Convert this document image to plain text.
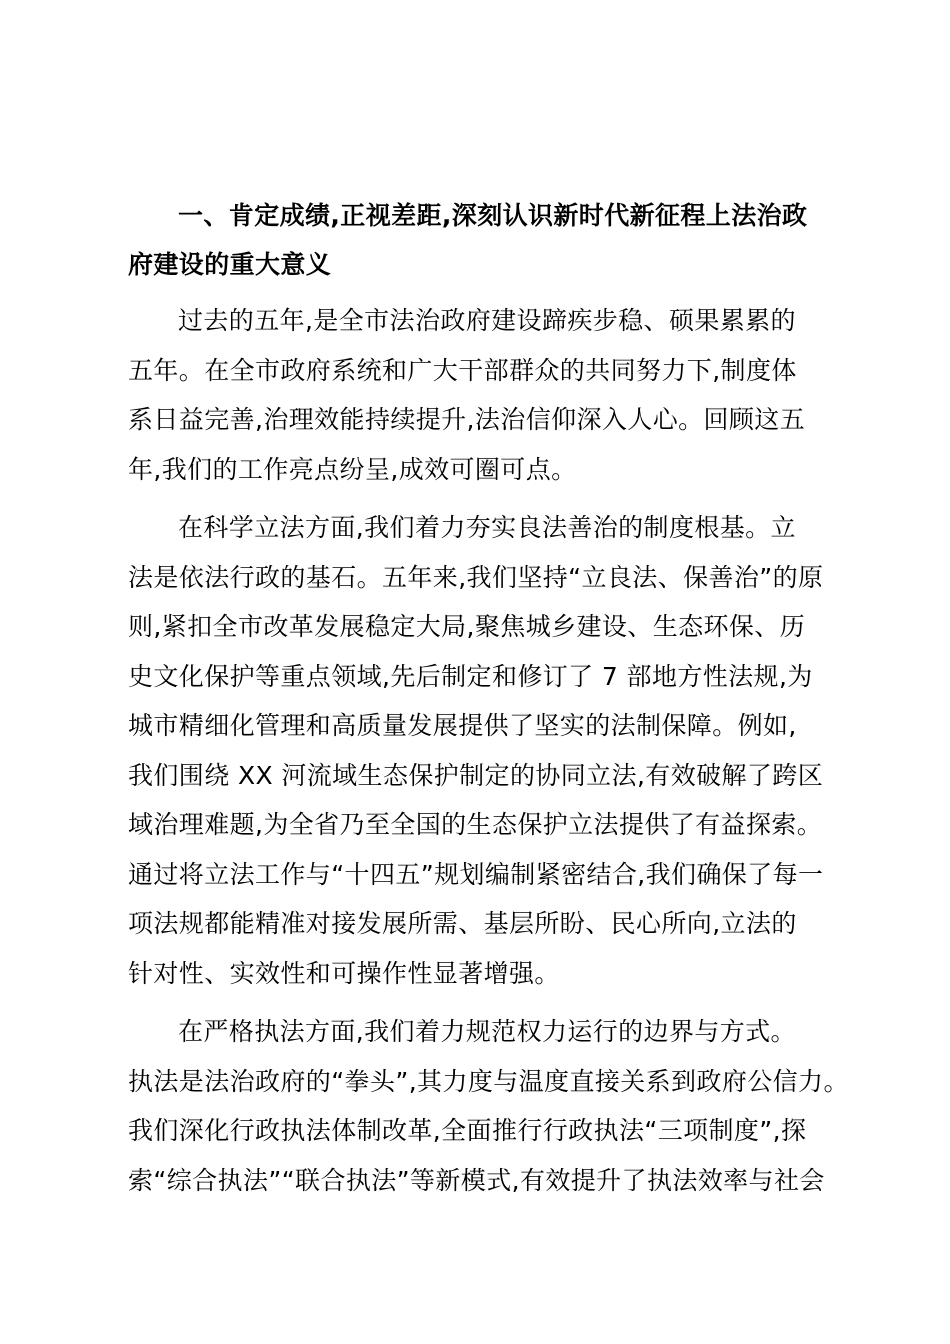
一、肯定成绩,正视差距,深刻认识新时代新征程上法治政
府建设的重大意义
过去的五年,是全市法治政府建设蹄疾步稳、硕果累累的
五年。在全市政府系统和广大干部群众的共同努力下,制度体
系日益完善,治理效能持续提升,法治信仰深入人心。回顾这五
年,我们的工作亮点纷呈,成效可圈可点。
在科学立法方面,我们着力夯实良法善治的制度根基。立
法是依法行政的基石。五年来,我们坚持“立良法、保善治”的原
则,紧扣全市改革发展稳定大局,聚焦城乡建设、生态环保、历
史文化保护等重点领域,先后制定和修订了 7 部地方性法规,为
城市精细化管理和高质量发展提供了坚实的法制保障。例如,
我们围绕 XX 河流域生态保护制定的协同立法,有效破解了跨区
域治理难题,为全省乃至全国的生态保护立法提供了有益探索。
通过将立法工作与“十四五”规划编制紧密结合,我们确保了每一
项法规都能精准对接发展所需、基层所盼、民心所向,立法的
针对性、实效性和可操作性显著增强。
在严格执法方面,我们着力规范权力运行的边界与方式。
执法是法治政府的“拳头”,其力度与温度直接关系到政府公信力。
我们深化行政执法体制改革,全面推行行政执法“三项制度”,探
索“综合执法”“联合执法”等新模式,有效提升了执法效率与社会
